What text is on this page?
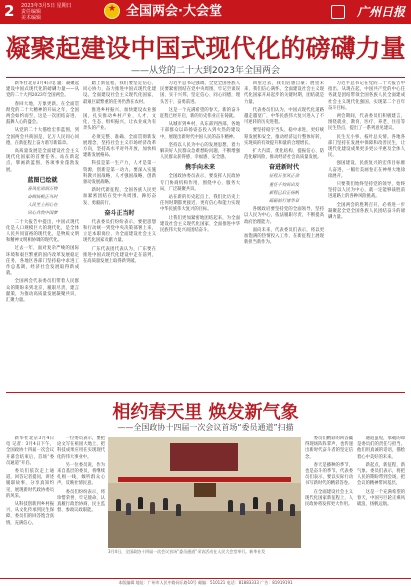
2	2023年3月5日 星期日
责任编辑
美术编辑
★	全国两会·大会堂	广州日报
凝聚起建设中国式现代化的磅礴力量
——从党的二十大到2023年全国两会

新华社北京3月4日电 题：凝聚起建设中国式现代化的磅礴力量——从党的二十大到2023年全国两会。

春回大地，万象更新。在全面贯彻党的二十大精神的开局之年，全国两会如约而至，这是一次团结奋进、鼓舞人心的盛会。

从党的二十大描绘宏伟蓝图，到全国两会共商国是，亿万人民同心同德，在新征程上奋力谱写新篇章。

高质量发展是全面建设社会主义现代化国家的首要任务。站在新起点，擘画新蓝图，各项事业蓬勃发展。

蓝图已绘就

春风化雨润万物

奋楫扬帆正当时

人民至上初心在

同心共筑中国梦

二十大报告中提出，中国式现代化是人口规模巨大的现代化，是全体人民共同富裕的现代化，是物质文明和精神文明相协调的现代化。

过去一年，面对复杂严峻的国际环境和艰巨繁重的国内改革发展稳定任务，各地区各部门坚持稳中求进工作总基调，经济社会发展取得新成就。

全国两会代表委员们带着人民群众的期盼来到北京，履职尽责，建言献策，为推动高质量发展凝聚共识、汇聚力量。

踏上新征程，我们要坚定信心、同心协力，奋力推进中国式现代化建设。全面建设社会主义现代化国家，最艰巨最繁重的任务仍然在农村。

推进乡村振兴，加快建设农业强国，扎实推动乡村产业、人才、文化、生态、组织振兴，让农业成为有奔头的产业。

必须完整、准确、全面贯彻新发展理念，坚持社会主义市场经济改革方向，坚持高水平对外开放，加快构建新发展格局。

科技是第一生产力，人才是第一资源，创新是第一动力。要深入实施科教兴国战略、人才强国战略、创新驱动发展战略。

新时代新征程，全国各族人民更加紧密团结在党中央周围，踔厉奋发、勇毅前行。

奋斗正当时

代表委员们纷纷表示，要把思想和行动统一到党中央决策部署上来，立足本职岗位，为全面建设社会主义现代化国家贡献力量。

广东代表团代表认为，广东要在推进中国式现代化建设中走在前列，在高质量发展上取得新突破。

习近平总书记强调，全党全国各族人民要紧密团结在党中央周围，牢记空谈误国、实干兴邦，坚定信心、同心同德，埋头苦干、奋勇前进。

这是一个充满希望的春天。新的奋斗征程已经开启，新的历史伟业正在铸就。

从城市到乡村，从东部到西部，各地干部群众以昂扬姿态投入到火热的建设中，展现出新时代中国人民的奋斗精神。

坚持以人民为中心的发展思想，着力解决好人民群众急难愁盼问题，不断增强人民群众获得感、幸福感、安全感。

携手向未来

全国政协委员表示，要发挥人民政协专门协商机构作用，围绕中心、服务大局，广泛凝聚共识。

站在新的历史起点上，我们比历史上任何时期都更接近、更有信心和能力实现中华民族伟大复兴的目标。

让我们更加紧密地团结起来，为全面建设社会主义现代化国家、全面推进中华民族伟大复兴而团结奋斗。

回望过去，我们倍感自豪；展望未来，我们信心满怀。全面建设社会主义现代化国家开局起步的关键时期，团结就是力量。

代表委员们认为，中国式现代化道路越走越宽广，中华民族伟大复兴进入了不可逆转的历史进程。

要坚持稳字当头、稳中求进，更好统筹发展和安全，推动经济运行整体好转，实现质的有效提升和量的合理增长。

扩大内需、优化结构、提振信心、防范化解风险，推动经济社会高质量发展。

奋进新时代

征程万里风正劲

重任千钧再出发

新程已启正扬帆

砥砺前行谱华章

各级政府要坚持党的全面领导，坚持以人民为中心，依法履职尽责，不断提高政府治理能力。

面向未来，代表委员们表示，将以更加饱满的热情投入工作，在新征程上展现新担当新作为。

习近平总书记在党的二十大报告中指出，从现在起，中国共产党的中心任务就是团结带领全国各族人民全面建成社会主义现代化强国、实现第二个百年奋斗目标。

两会期间，代表委员们积极建言，围绕就业、教育、医疗、养老、住房等民生热点，提出了一系列意见建议。

民生无小事，枝叶总关情。各地各部门坚持在发展中保障和改善民生，让现代化建设成果更多更公平惠及全体人民。

强国建设、民族复兴的宏伟目标催人奋进，一幅壮美画卷正在神州大地徐徐展开。

只要我们始终坚持党的领导，始终坚持以人民为中心，就一定能够战胜前进道路上的各种风险挑战。

全国两会的胜利召开，必将进一步凝聚起全党全国各族人民团结奋斗的磅礴力量。

相约春天里 焕发新气象
——全国政协十四届一次会议首场“委员通道”扫描

新华社北京3月4日电 记者：3月4日下午，全国政协十四届一次会议开幕会结束后，首场“委员通道”开启。

委员们依次走上通道，回答记者提问，讲述履职故事，分享真知灼见，展现新时代政协委员的风采。

从科技创新到乡村振兴，从文化传承到民生保障，委员们的回答饱含真情，充满信心。

一位委员表示，要把论文写在祖国大地上，把科技成果应用在实现现代化的伟大事业中。

另一位委员说，作为来自基层的委员，将继续扎根一线，倾听群众心声，反映社情民意。

委员们纷纷表示，将珍惜荣誉、牢记使命，认真履行政治协商、民主监督、参政议政职能。

3月4日，全国政协十四届一次会议首场“委员通道”采访活动在人民大会堂举行。新华社发

委员们精彩的回答赢得现场阵阵掌声，也传递出新时代奋斗者的坚定信念。

春天是播种的季节，也是奋斗的季节。代表委员们表示，要以实际行动书写新时代的精彩答卷。

在全面建设社会主义现代化国家新征程上，人民政协将发挥更大作用。

通道虽短，承载的却是委员们的责任与担当。他们用真诚的话语，描绘着心中美好的未来。

新起点，新征程，新气象。委员们表示，将把人民的期盼带到会场，把会议的精神带回基层。

这是一个充满希望的春天，中国号巨轮正乘风破浪、扬帆远航。

本版编辑 地址：广州市人民中路同乐路10号 邮编：510121 电话：81883333 广告：81919191
